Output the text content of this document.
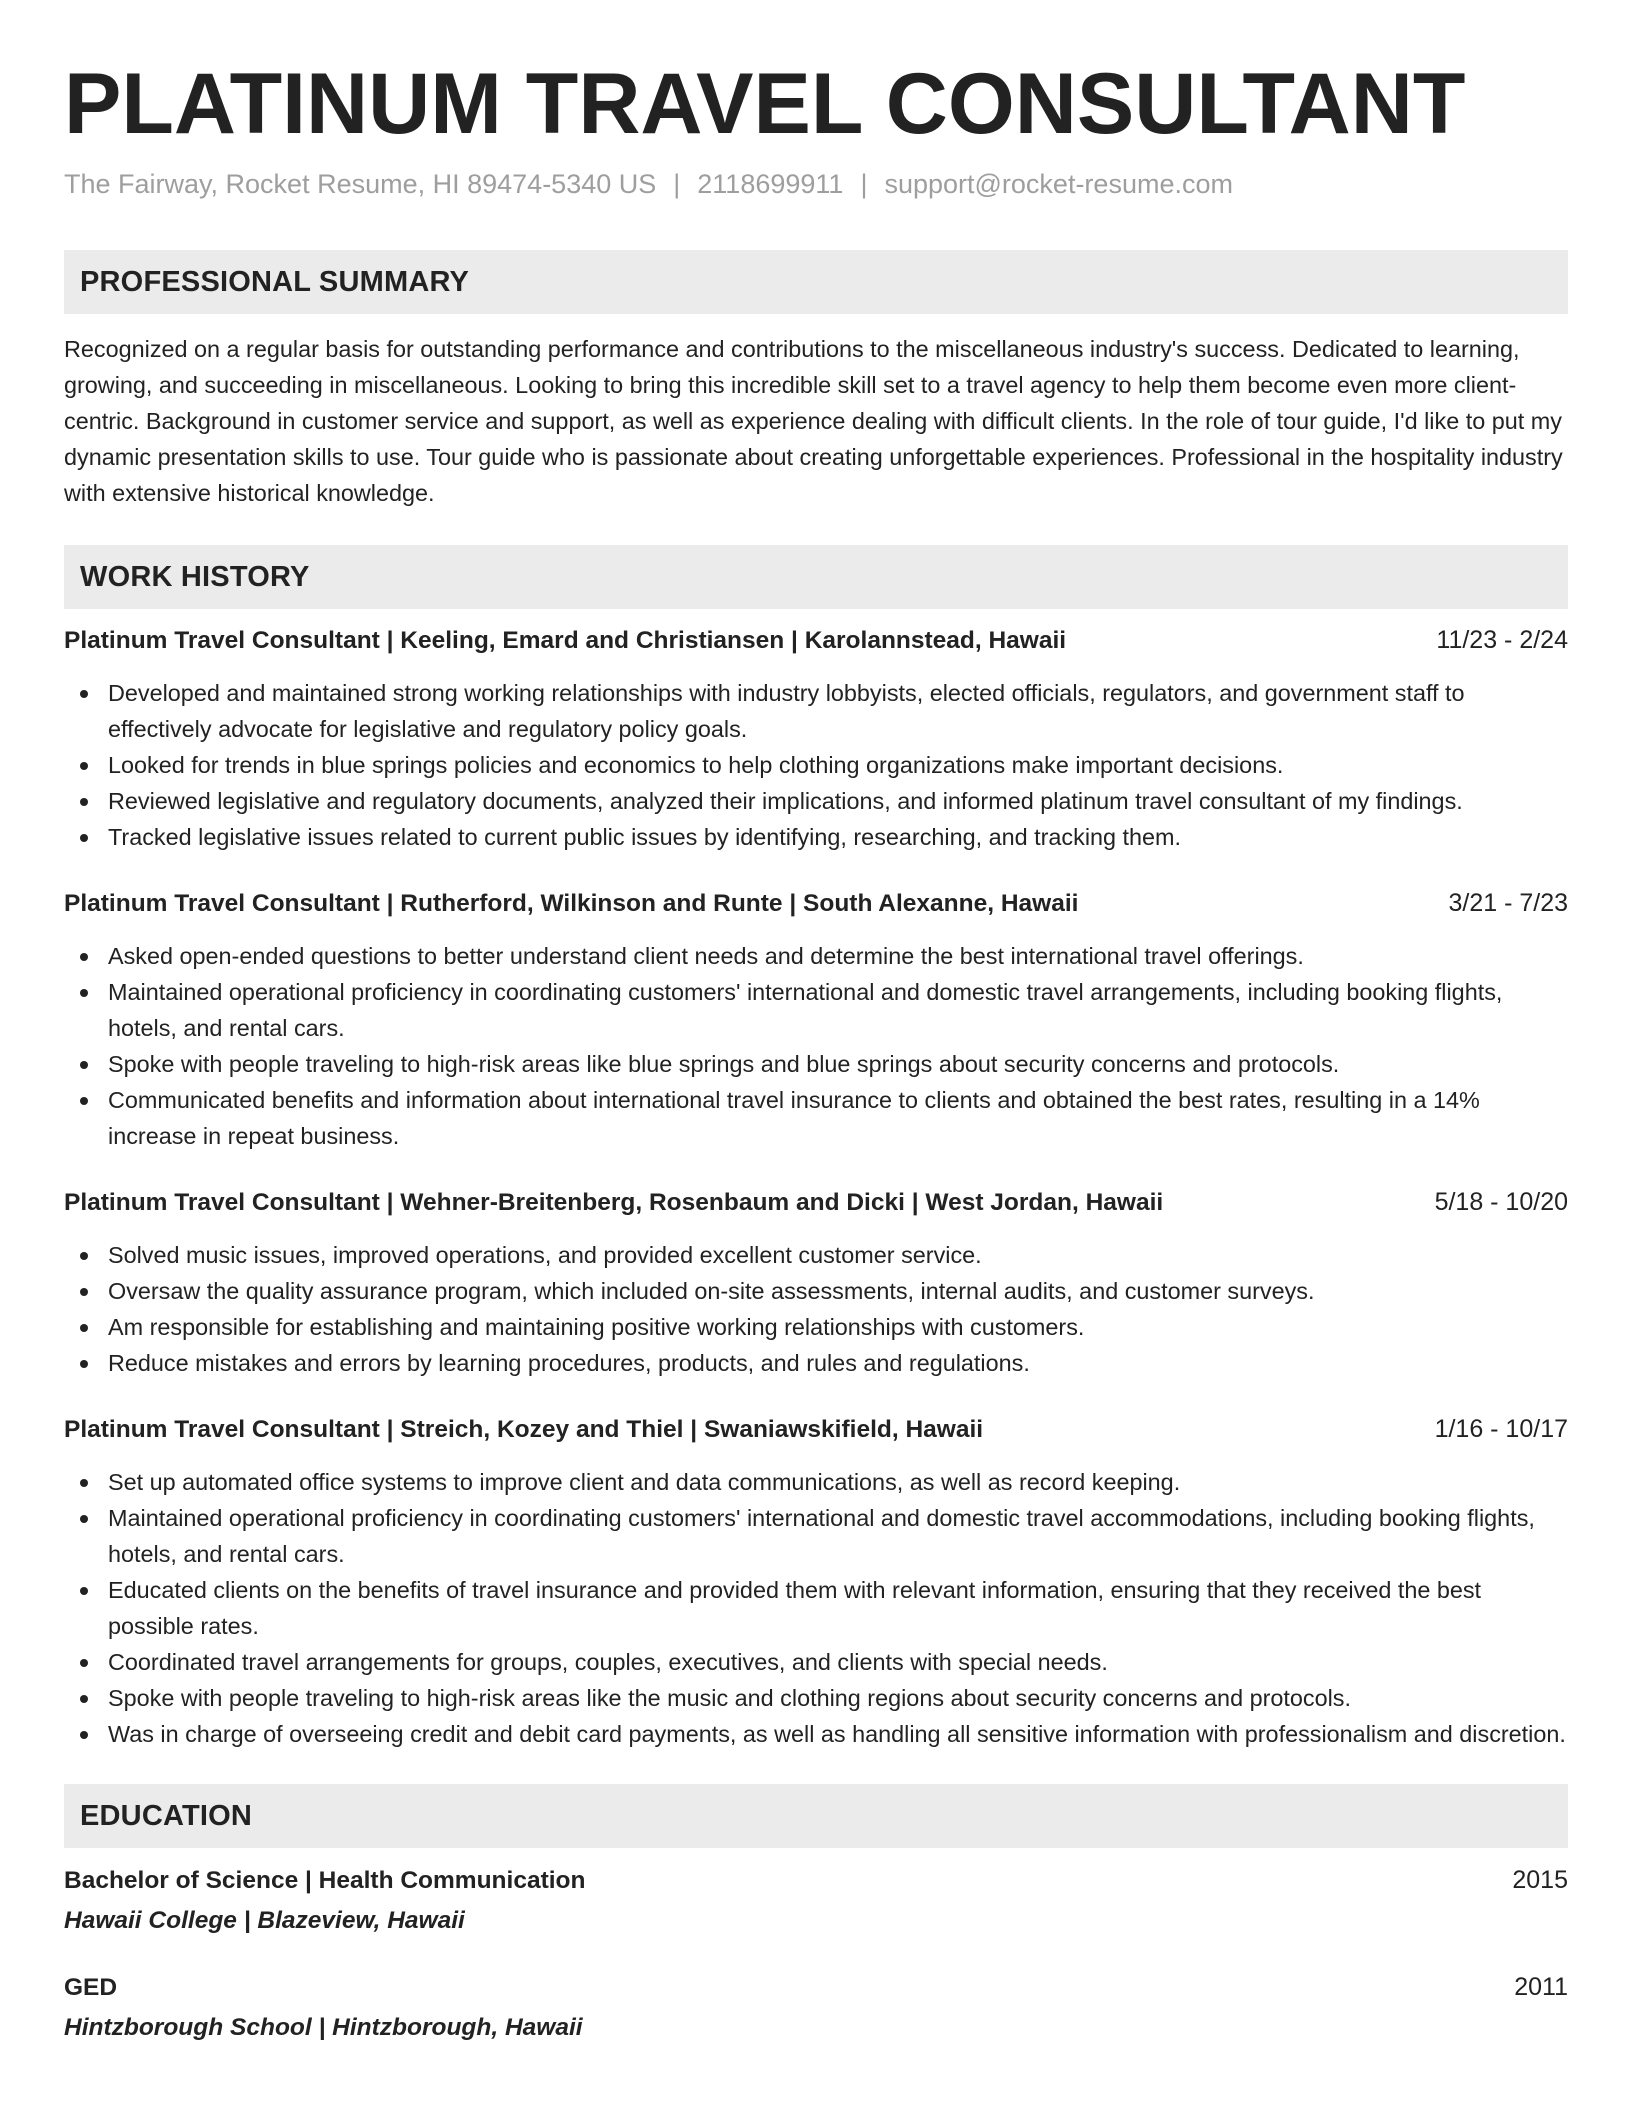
PLATINUM TRAVEL CONSULTANT
The Fairway, Rocket Resume, HI 89474-5340 US | 2118699911 | support@rocket-resume.com
PROFESSIONAL SUMMARY

Recognized on a regular basis for outstanding performance and contributions to the miscellaneous industry's success. Dedicated to learning, growing, and succeeding in miscellaneous. Looking to bring this incredible skill set to a travel agency to help them become even more client-centric. Background in customer service and support, as well as experience dealing with difficult clients. In the role of tour guide, I'd like to put my dynamic presentation skills to use. Tour guide who is passionate about creating unforgettable experiences. Professional in the hospitality industry with extensive historical knowledge.

WORK HISTORY
Platinum Travel Consultant | Keeling, Emard and Christiansen | Karolannstead, Hawaii	11/23 - 2/24
Developed and maintained strong working relationships with industry lobbyists, elected officials, regulators, and government staff to effectively advocate for legislative and regulatory policy goals.
Looked for trends in blue springs policies and economics to help clothing organizations make important decisions.
Reviewed legislative and regulatory documents, analyzed their implications, and informed platinum travel consultant of my findings.
Tracked legislative issues related to current public issues by identifying, researching, and tracking them.
Platinum Travel Consultant | Rutherford, Wilkinson and Runte | South Alexanne, Hawaii	3/21 - 7/23
Asked open-ended questions to better understand client needs and determine the best international travel offerings.
Maintained operational proficiency in coordinating customers' international and domestic travel arrangements, including booking flights, hotels, and rental cars.
Spoke with people traveling to high-risk areas like blue springs and blue springs about security concerns and protocols.
Communicated benefits and information about international travel insurance to clients and obtained the best rates, resulting in a 14% increase in repeat business.
Platinum Travel Consultant | Wehner-Breitenberg, Rosenbaum and Dicki | West Jordan, Hawaii	5/18 - 10/20
Solved music issues, improved operations, and provided excellent customer service.
Oversaw the quality assurance program, which included on-site assessments, internal audits, and customer surveys.
Am responsible for establishing and maintaining positive working relationships with customers.
Reduce mistakes and errors by learning procedures, products, and rules and regulations.
Platinum Travel Consultant | Streich, Kozey and Thiel | Swaniawskifield, Hawaii	1/16 - 10/17
Set up automated office systems to improve client and data communications, as well as record keeping.
Maintained operational proficiency in coordinating customers' international and domestic travel accommodations, including booking flights, hotels, and rental cars.
Educated clients on the benefits of travel insurance and provided them with relevant information, ensuring that they received the best possible rates.
Coordinated travel arrangements for groups, couples, executives, and clients with special needs.
Spoke with people traveling to high-risk areas like the music and clothing regions about security concerns and protocols.
Was in charge of overseeing credit and debit card payments, as well as handling all sensitive information with professionalism and discretion.
EDUCATION
Bachelor of Science | Health Communication	2015
Hawaii College | Blazeview, Hawaii
GED	2011
Hintzborough School | Hintzborough, Hawaii
